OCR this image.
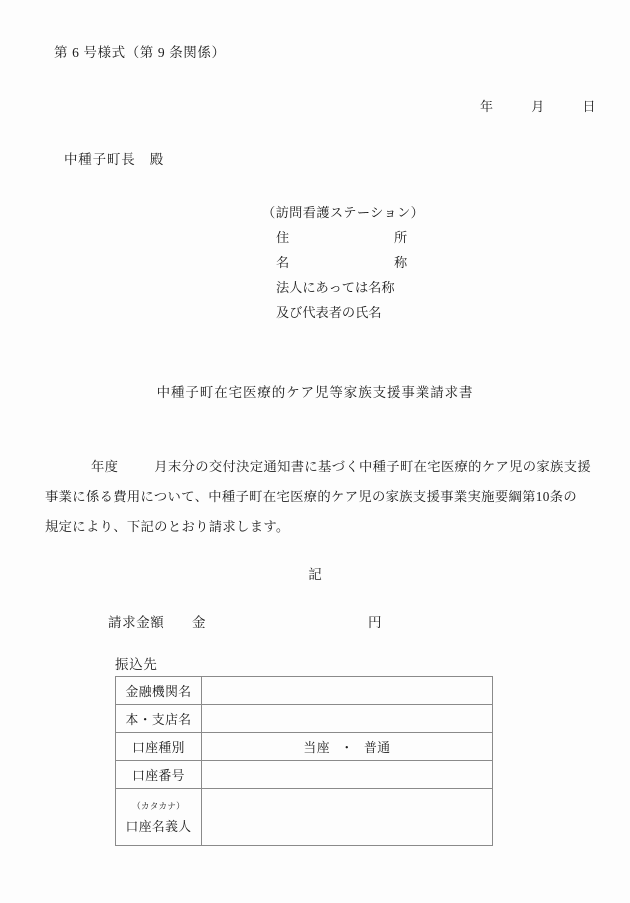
第 6 号様式（第 9 条関係）
年	月	日
中種子町長　殿
（訪問看護ステーション）
住	所
名	称
法人にあっては名称
及び代表者の氏名
中種子町在宅医療的ケア児等家族支援事業請求書
年度	月末分の交付決定通知書に基づく中種子町在宅医療的ケア児の家族支援
事業に係る費用について、中種子町在宅医療的ケア児の家族支援事業実施要綱第10条の
規定により、下記のとおり請求します。
記
請求金額 金	円
振込先
金融機関名	
本・支店名	
口座種別	当座 ・ 普通
口座番号	

（カタカナ）
口座名義人	
